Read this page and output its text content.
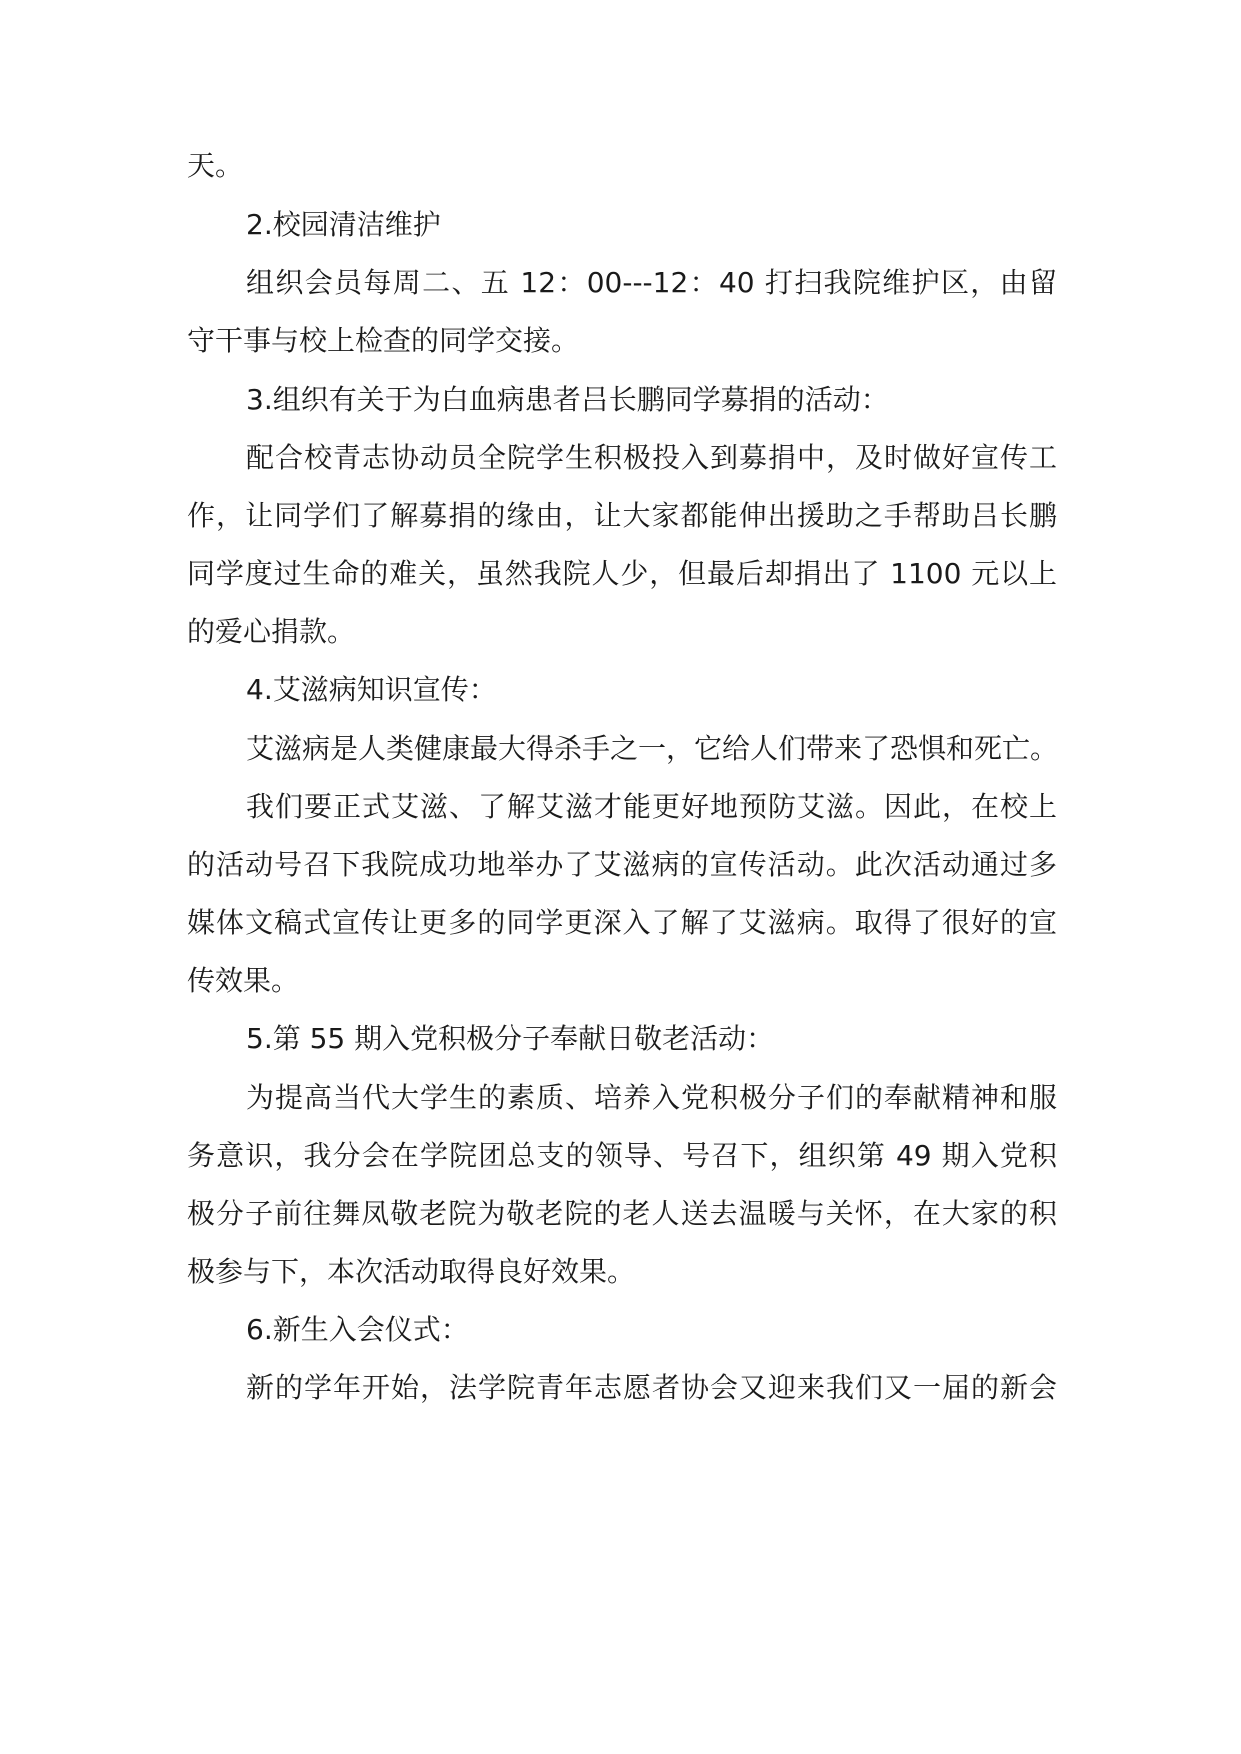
天。
2.校园清洁维护
组织会员每周二、五 12：00---12：40 打扫我院维护区，由留
守干事与校上检查的同学交接。
3.组织有关于为白血病患者吕长鹏同学募捐的活动：
配合校青志协动员全院学生积极投入到募捐中，及时做好宣传工
作，让同学们了解募捐的缘由，让大家都能伸出援助之手帮助吕长鹏
同学度过生命的难关，虽然我院人少，但最后却捐出了 1100 元以上
的爱心捐款。
4.艾滋病知识宣传：
艾滋病是人类健康最大得杀手之一，它给人们带来了恐惧和死亡。
我们要正式艾滋、了解艾滋才能更好地预防艾滋。因此，在校上
的活动号召下我院成功地举办了艾滋病的宣传活动。此次活动通过多
媒体文稿式宣传让更多的同学更深入了解了艾滋病。取得了很好的宣
传效果。
5.第 55 期入党积极分子奉献日敬老活动：
为提高当代大学生的素质、培养入党积极分子们的奉献精神和服
务意识，我分会在学院团总支的领导、号召下，组织第 49 期入党积
极分子前往舞凤敬老院为敬老院的老人送去温暖与关怀，在大家的积
极参与下，本次活动取得良好效果。
6.新生入会仪式：
新的学年开始，法学院青年志愿者协会又迎来我们又一届的新会
